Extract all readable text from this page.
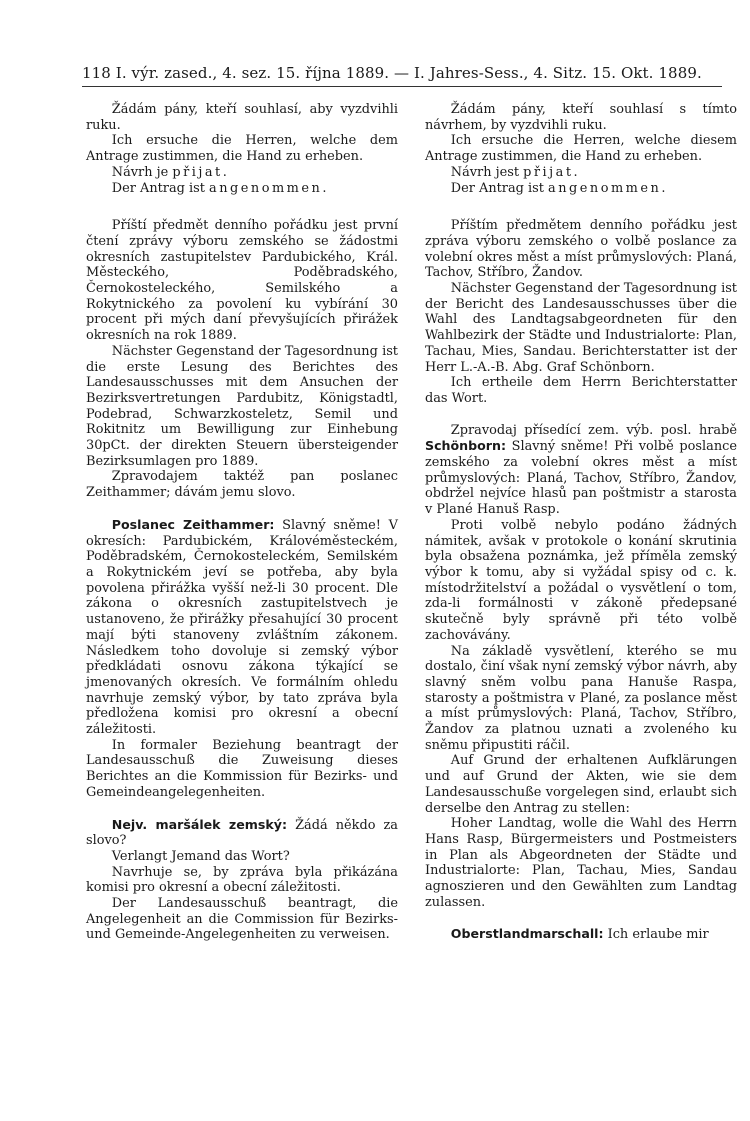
118 I. výr. zased., 4. sez. 15. října 1889. — I. Jahres-Sess., 4. Sitz. 15. Okt. 1889.

Žádám pány, kteří souhlasí, aby vyzdvihli ruku.

Ich ersuche die Herren, welche dem Antrage zustimmen, die Hand zu erheben.

Návrh je přijat.

Der Antrag ist angenommen.

Příští předmět denního pořádku jest první čtení zprávy výboru zemského se žádostmi okresních zastupitelstev Pardubického, Král. Městeckého, Poděbradského, Černokosteleckého, Semilského a Rokytnického za povolení ku vybírání 30 procent při mých daní převyšujících přirážek okresních na rok 1889.

Nächster Gegenstand der Tagesordnung ist die erste Lesung des Berichtes des Landesausschusses mit dem Ansuchen der Bezirksvertretungen Pardubitz, Königstadtl, Podebrad, Schwarzkosteletz, Semil und Rokitnitz um Bewilligung zur Einhebung 30pCt. der direkten Steuern übersteigender Bezirksumlagen pro 1889.

Zpravodajem taktéž pan poslanec Zeithammer; dávám jemu slovo.

Poslanec Zeithammer: Slavný sněme! V okresích: Pardubickém, Královéměsteckém, Poděbradském, Černokosteleckém, Semilském a Rokytnickém jeví se potřeba, aby byla povolena přirážka vyšší než-li 30 procent. Dle zákona o okresních zastupitelstvech je ustanoveno, že přirážky přesahující 30 procent mají býti stanoveny zvláštním zákonem. Následkem toho dovoluje si zemský výbor předkládati osnovu zákona týkající se jmenovaných okresích. Ve formálním ohledu navrhuje zemský výbor, by tato zpráva byla předložena komisi pro okresní a obecní záležitosti.

In formaler Beziehung beantragt der Landesausschuß die Zuweisung dieses Berichtes an die Kommission für Bezirks- und Gemeindeangelegenheiten.

Nejv. maršálek zemský: Žádá někdo za slovo?

Verlangt Jemand das Wort?

Navrhuje se, by zpráva byla přikázána komisi pro okresní a obecní záležitosti.

Der Landesausschuß beantragt, die Angelegenheit an die Commission für Bezirks- und Gemeinde-Angelegenheiten zu verweisen.

Žádám pány, kteří souhlasí s tímto návrhem, by vyzdvihli ruku.

Ich ersuche die Herren, welche diesem Antrage zustimmen, die Hand zu erheben.

Návrh jest přijat.

Der Antrag ist angenommen.

Příštím předmětem denního pořádku jest zpráva výboru zemského o volbě poslance za volební okres měst a míst průmyslových: Planá, Tachov, Stříbro, Žandov.

Nächster Gegenstand der Tagesordnung ist der Bericht des Landesausschusses über die Wahl des Landtagsabgeordneten für den Wahlbezirk der Städte und Industrialorte: Plan, Tachau, Mies, Sandau. Berichterstatter ist der Herr L.-A.-B. Abg. Graf Schönborn.

Ich ertheile dem Herrn Berichterstatter das Wort.

Zpravodaj přísedící zem. výb. posl. hrabě Schönborn: Slavný sněme! Při volbě poslance zemského za volební okres měst a míst průmyslových: Planá, Tachov, Stříbro, Žandov, obdržel nejvíce hlasů pan poštmistr a starosta v Plané Hanuš Rasp.

Proti volbě nebylo podáno žádných námitek, avšak v protokole o konání skrutinia byla obsažena poznámka, jež příměla zemský výbor k tomu, aby si vyžádal spisy od c. k. místodržitelství a požádal o vysvětlení o tom, zda-li formálnosti v zákoně předepsané skutečně byly správně při této volbě zachovávány.

Na základě vysvětlení, kterého se mu dostalo, činí však nyní zemský výbor návrh, aby slavný sněm volbu pana Hanuše Raspa, starosty a poštmistra v Plané, za poslance měst a míst průmyslových: Planá, Tachov, Stříbro, Žandov za platnou uznati a zvoleného ku sněmu připustiti ráčil.

Auf Grund der erhaltenen Aufklärungen und auf Grund der Akten, wie sie dem Landesausschuße vorgelegen sind, erlaubt sich derselbe den Antrag zu stellen:

Hoher Landtag, wolle die Wahl des Herrn Hans Rasp, Bürgermeisters und Postmeisters in Plan als Abgeordneten der Städte und Industrialorte: Plan, Tachau, Mies, Sandau agnoszieren und den Gewählten zum Landtag zulassen.

Oberstlandmarschall: Ich erlaube mir
